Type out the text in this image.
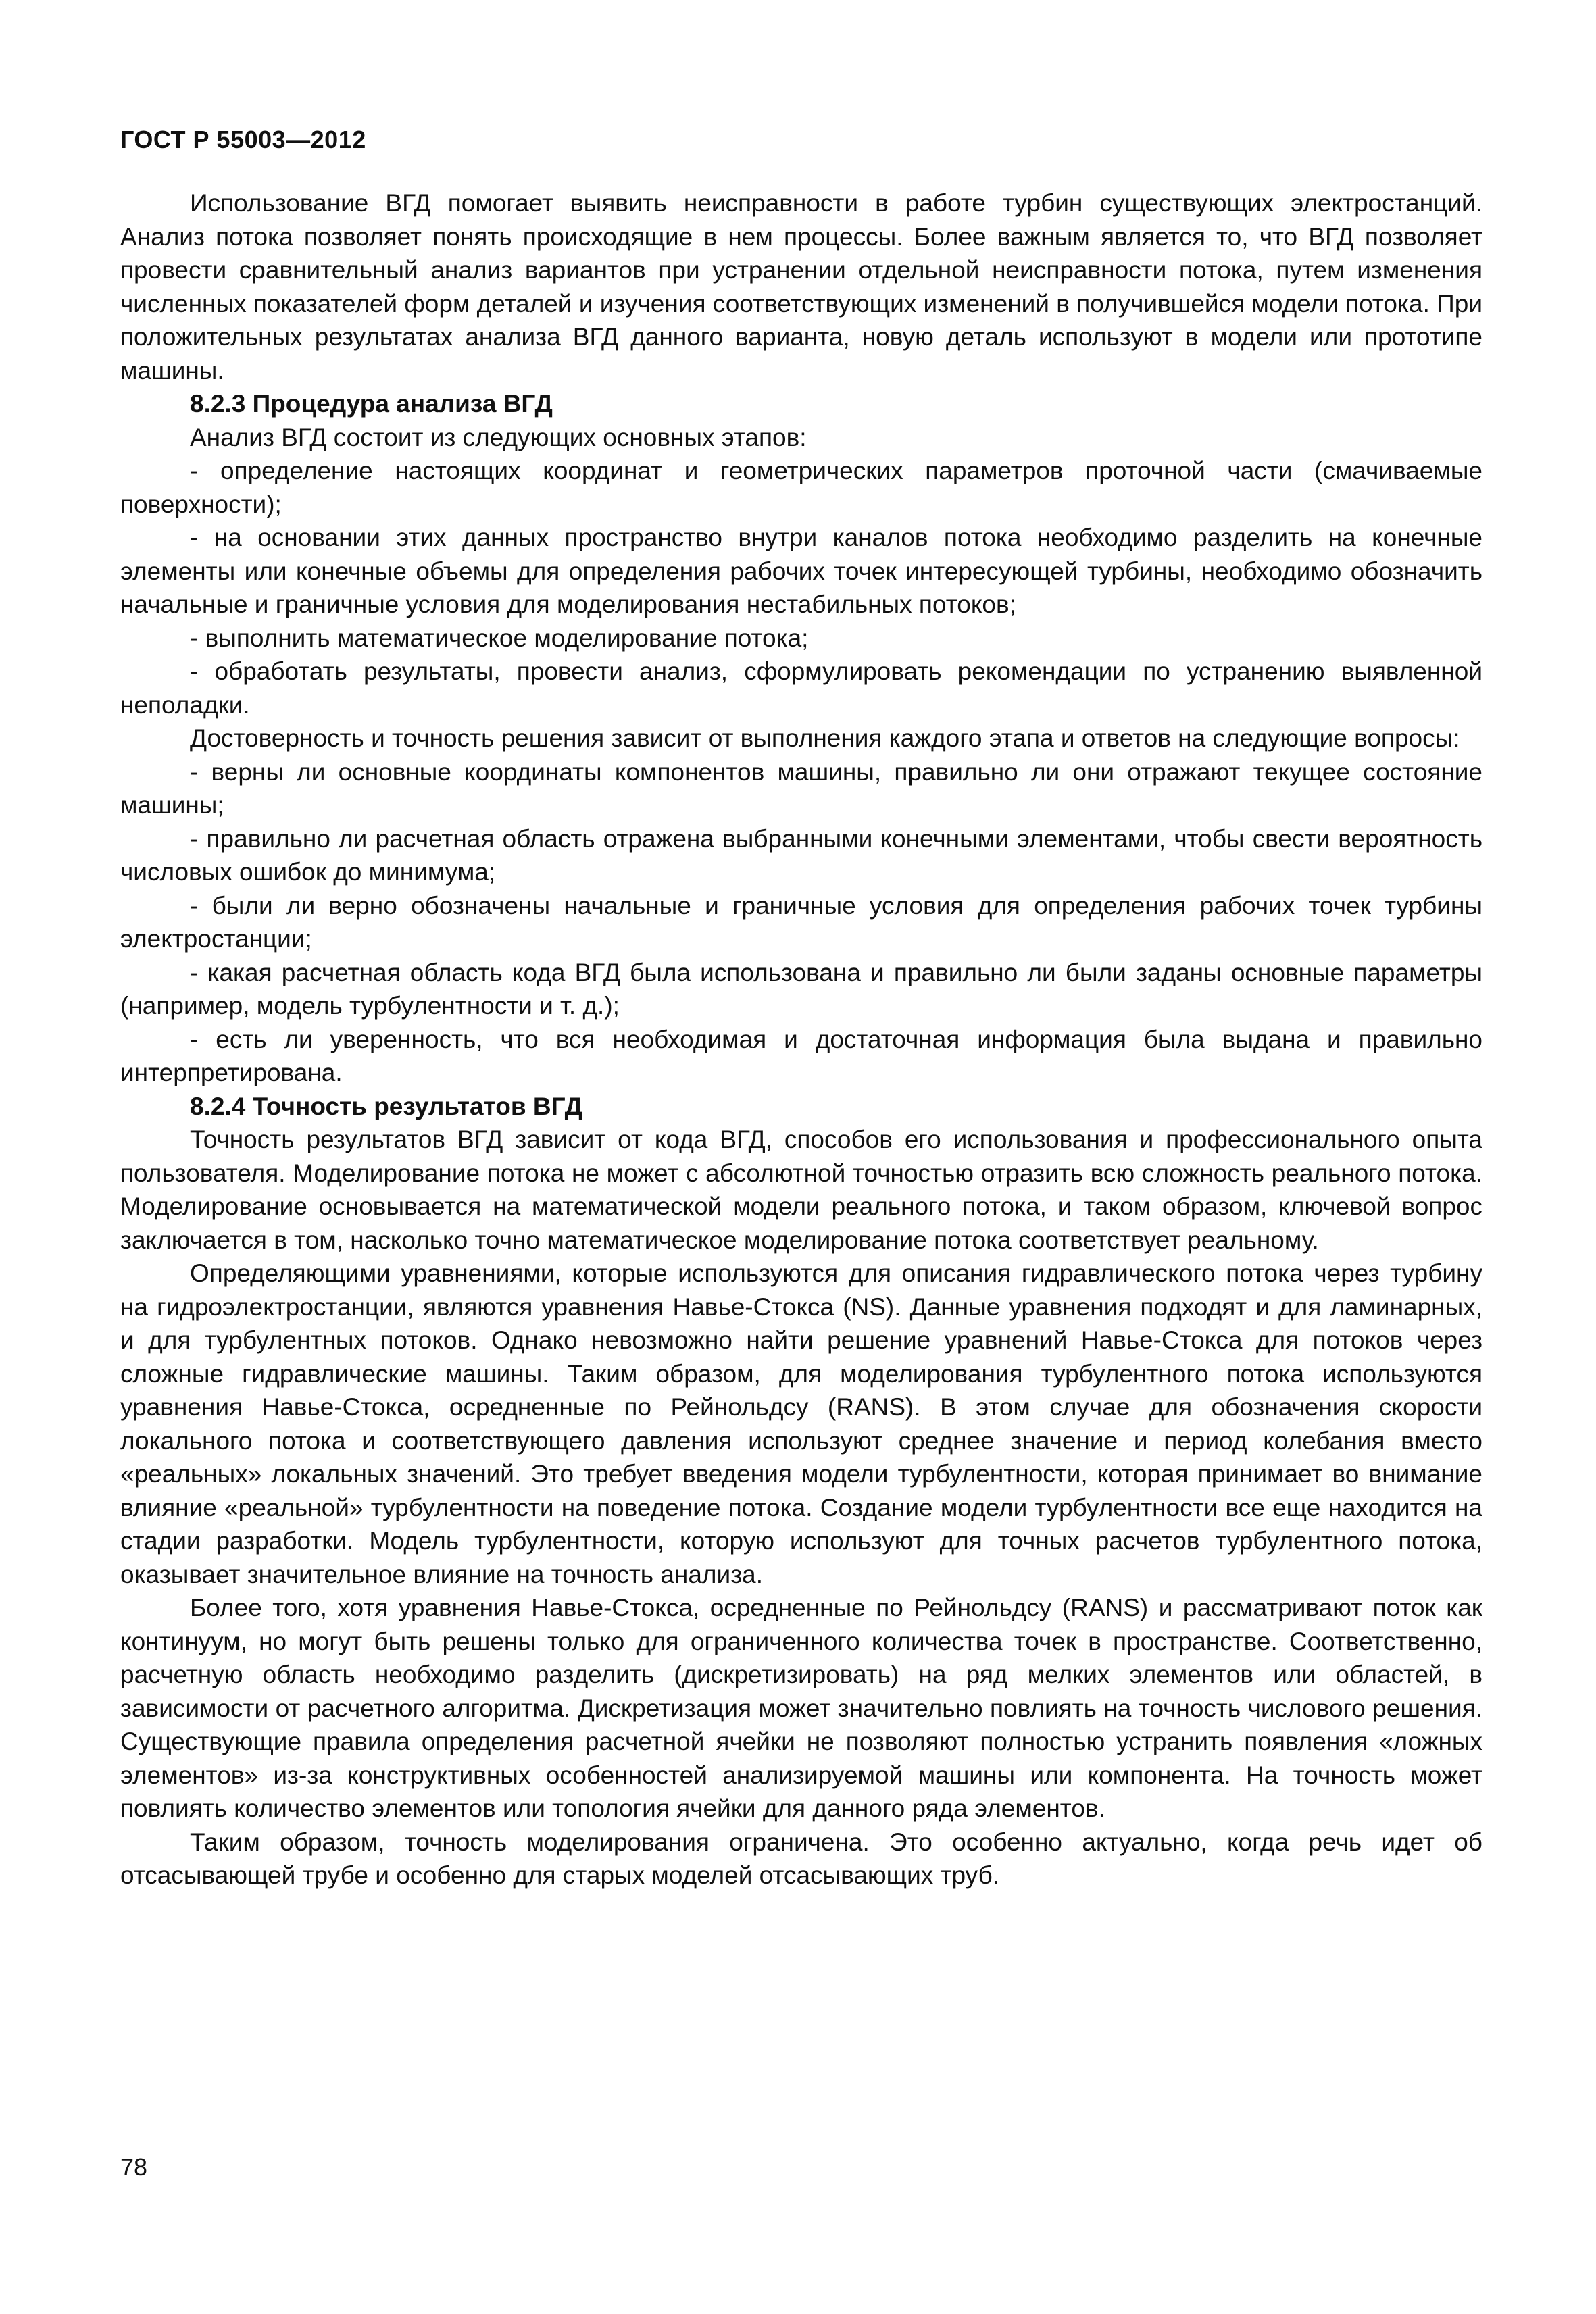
ГОСТ Р 55003—2012

Использование ВГД помогает выявить неисправности в работе турбин существующих электростанций. Анализ потока позволяет понять происходящие в нем процессы. Более важным является то, что ВГД позволяет провести сравнительный анализ вариантов при устранении отдельной неисправности потока, путем изменения численных показателей форм деталей и изучения соответствующих изменений в получившейся модели потока. При положительных результатах анализа ВГД данного варианта, новую деталь используют в модели или прототипе машины.

8.2.3 Процедура анализа ВГД

Анализ ВГД состоит из следующих основных этапов:

- определение настоящих координат и геометрических параметров проточной части (смачиваемые поверхности);

- на основании этих данных пространство внутри каналов потока необходимо разделить на конечные элементы или конечные объемы для определения рабочих точек интересующей турбины, необходимо обозначить начальные и граничные условия для моделирования нестабильных потоков;

- выполнить математическое моделирование потока;

- обработать результаты, провести анализ, сформулировать рекомендации по устранению выявленной неполадки.

Достоверность и точность решения зависит от выполнения каждого этапа и ответов на следующие вопросы:

- верны ли основные координаты компонентов машины, правильно ли они отражают текущее состояние машины;

- правильно ли расчетная область отражена выбранными конечными элементами, чтобы свести вероятность числовых ошибок до минимума;

- были ли верно обозначены начальные и граничные условия для определения рабочих точек турбины электростанции;

- какая расчетная область кода ВГД была использована и правильно ли были заданы основные параметры (например, модель турбулентности и т. д.);

- есть ли уверенность, что вся необходимая и достаточная информация была выдана и правильно интерпретирована.

8.2.4 Точность результатов ВГД

Точность результатов ВГД зависит от кода ВГД, способов его использования и профессионального опыта пользователя. Моделирование потока не может с абсолютной точностью отразить всю сложность реального потока. Моделирование основывается на математической модели реального потока, и таком образом, ключевой вопрос заключается в том, насколько точно математическое моделирование потока соответствует реальному.

Определяющими уравнениями, которые используются для описания гидравлического потока через турбину на гидроэлектростанции, являются уравнения Навье-Стокса (NS). Данные уравнения подходят и для ламинарных, и для турбулентных потоков. Однако невозможно найти решение уравнений Навье-Стокса для потоков через сложные гидравлические машины. Таким образом, для моделирования турбулентного потока используются уравнения Навье-Стокса, осредненные по Рейнольдсу (RANS). В этом случае для обозначения скорости локального потока и соответствующего давления используют среднее значение и период колебания вместо «реальных» локальных значений. Это требует введения модели турбулентности, которая принимает во внимание влияние «реальной» турбулентности на поведение потока. Создание модели турбулентности все еще находится на стадии разработки. Модель турбулентности, которую используют для точных расчетов турбулентного потока, оказывает значительное влияние на точность анализа.

Более того, хотя уравнения Навье-Стокса, осредненные по Рейнольдсу (RANS) и рассматривают поток как континуум, но могут быть решены только для ограниченного количества точек в пространстве. Соответственно, расчетную область необходимо разделить (дискретизировать) на ряд мелких элементов или областей, в зависимости от расчетного алгоритма. Дискретизация может значительно повлиять на точность числового решения. Существующие правила определения расчетной ячейки не позволяют полностью устранить появления «ложных элементов» из-за конструктивных особенностей анализируемой машины или компонента. На точность может повлиять количество элементов или топология ячейки для данного ряда элементов.

Таким образом, точность моделирования ограничена. Это особенно актуально, когда речь идет об отсасывающей трубе и особенно для старых моделей отсасывающих труб.

78
